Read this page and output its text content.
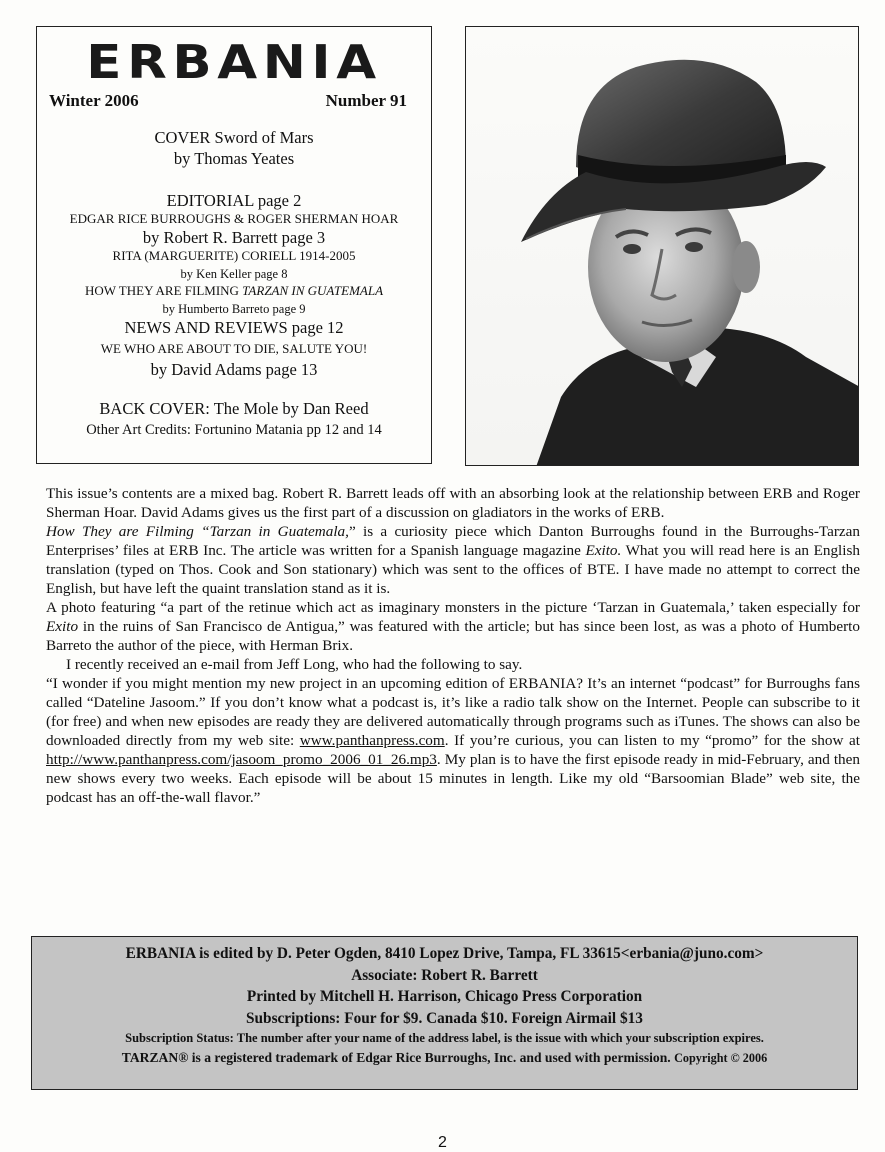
ERBANIA
Winter 2006	Number 91
COVER Sword of Mars
by Thomas Yeates
EDITORIAL page 2
EDGAR RICE BURROUGHS & ROGER SHERMAN HOAR
by Robert R. Barrett page 3
RITA (MARGUERITE) CORIELL 1914-2005
by Ken Keller page 8
HOW THEY ARE FILMING TARZAN IN GUATEMALA
by Humberto Barreto page 9
NEWS AND REVIEWS page 12
WE WHO ARE ABOUT TO DIE, SALUTE YOU!
by David Adams page 13
BACK COVER: The Mole by Dan Reed
Other Art Credits: Fortunino Matania pp 12 and 14

This issue’s contents are a mixed bag. Robert R. Barrett leads off with an absorbing look at the relationship between ERB and Roger Sherman Hoar. David Adams gives us the first part of a discussion on gladiators in the works of ERB.

How They are Filming “Tarzan in Guatemala,” is a curiosity piece which Danton Burroughs found in the Burroughs-Tarzan Enterprises’ files at ERB Inc. The article was written for a Spanish language magazine Exito. What you will read here is an English translation (typed on Thos. Cook and Son stationary) which was sent to the offices of BTE. I have made no attempt to correct the English, but have left the quaint translation stand as it is.

A photo featuring “a part of the retinue which act as imaginary monsters in the picture ‘Tarzan in Guatemala,’ taken especially for Exito in the ruins of San Francisco de Antigua,” was featured with the article; but has since been lost, as was a photo of Humberto Barreto the author of the piece, with Herman Brix.

I recently received an e-mail from Jeff Long, who had the following to say.

“I wonder if you might mention my new project in an upcoming edition of ERBANIA? It’s an internet “podcast” for Burroughs fans called “Dateline Jasoom.” If you don’t know what a podcast is, it’s like a radio talk show on the Internet. People can subscribe to it (for free) and when new episodes are ready they are delivered automatically through programs such as iTunes. The shows can also be downloaded directly from my web site: www.panthanpress.com. If you’re curious, you can listen to my “promo” for the show at http://www.panthanpress.com/jasoom_promo_2006_01_26.mp3. My plan is to have the first episode ready in mid-February, and then new shows every two weeks. Each episode will be about 15 minutes in length. Like my old “Barsoomian Blade” web site, the podcast has an off-the-wall flavor.”

ERBANIA is edited by D. Peter Ogden, 8410 Lopez Drive, Tampa, FL 33615<erbania@juno.com>
Associate: Robert R. Barrett
Printed by Mitchell H. Harrison, Chicago Press Corporation
Subscriptions: Four for $9. Canada $10. Foreign Airmail $13
Subscription Status: The number after your name of the address label, is the issue with which your subscription expires.
TARZAN® is a registered trademark of Edgar Rice Burroughs, Inc. and used with permission. Copyright © 2006
2
